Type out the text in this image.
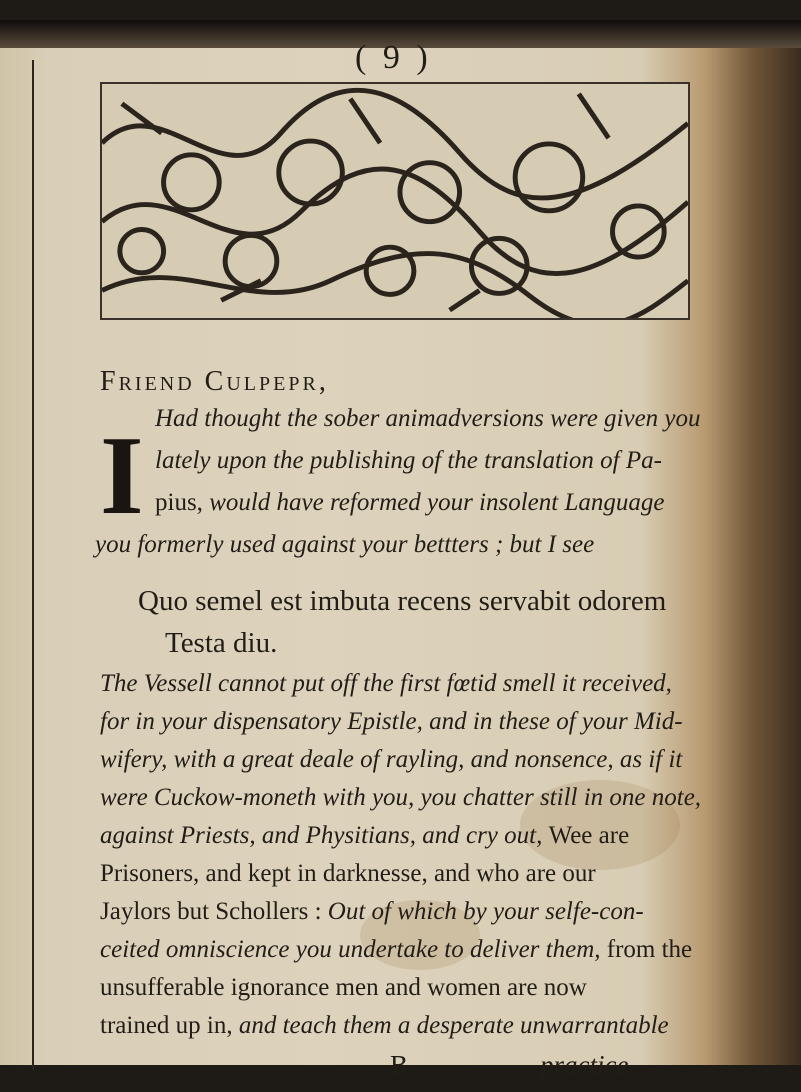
( 9 )
Friend Culpepr,
I Had thought the sober animadversions were given you
lately upon the publishing of the translation of Pa-
pius, would have reformed your insolent Language
you formerly used against your bettters ; but I see
Quo semel est imbuta recens servabit odorem
Testa diu.
The Vessell cannot put off the first fœtid smell it received,
for in your dispensatory Epistle, and in these of your Mid-
wifery, with a great deale of rayling, and nonsence, as if it
were Cuckow-moneth with you, you chatter still in one note,
against Priests, and Physitians, and cry out, Wee are
Prisoners, and kept in darknesse, and who are our
Jaylors but Schollers : Out of which by your selfe-con-
ceited omniscience you undertake to deliver them, from the
unsufferable ignorance men and women are now
trained up in, and teach them a desperate unwarrantable
B	practice.
